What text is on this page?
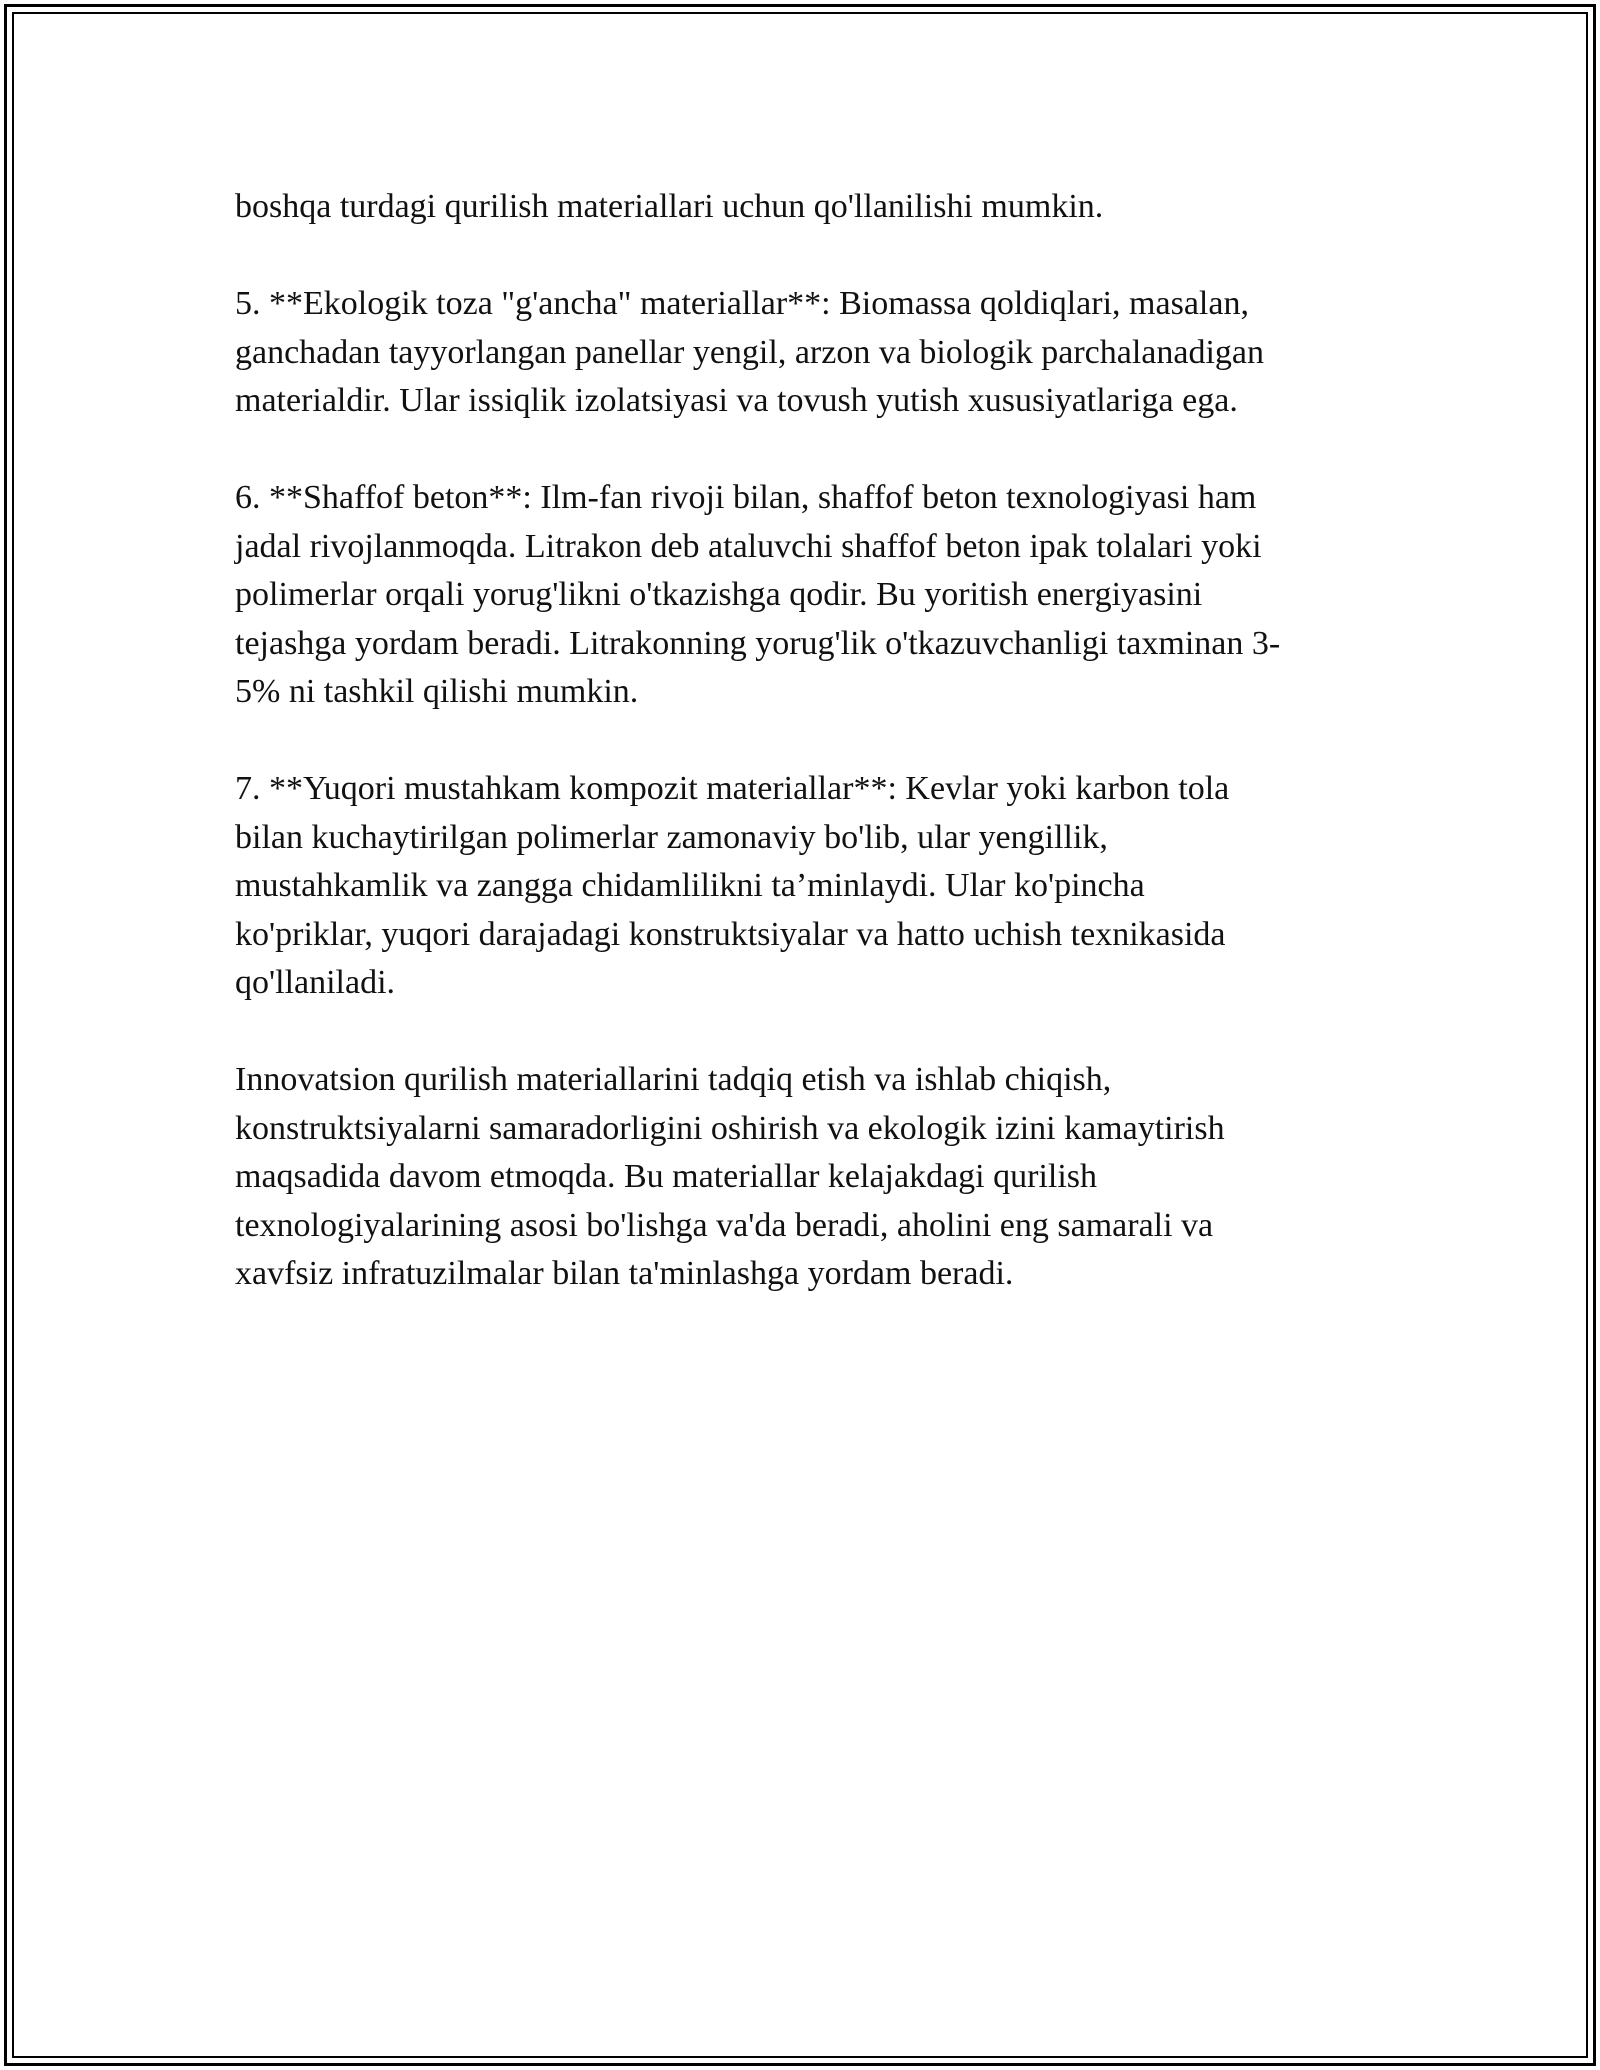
boshqa turdagi qurilish materiallari uchun qo'llanilishi mumkin.

5. **Ekologik toza "g'ancha" materiallar**: Biomassa qoldiqlari, masalan,
ganchadan tayyorlangan panellar yengil, arzon va biologik parchalanadigan
materialdir. Ular issiqlik izolatsiyasi va tovush yutish xususiyatlariga ega.

6. **Shaffof beton**: Ilm-fan rivoji bilan, shaffof beton texnologiyasi ham
jadal rivojlanmoqda. Litrakon deb ataluvchi shaffof beton ipak tolalari yoki
polimerlar orqali yorug'likni o'tkazishga qodir. Bu yoritish energiyasini
tejashga yordam beradi. Litrakonning yorug'lik o'tkazuvchanligi taxminan 3-
5% ni tashkil qilishi mumkin.

7. **Yuqori mustahkam kompozit materiallar**: Kevlar yoki karbon tola
bilan kuchaytirilgan polimerlar zamonaviy bo'lib, ular yengillik,
mustahkamlik va zangga chidamlilikni ta’minlaydi. Ular ko'pincha
ko'priklar, yuqori darajadagi konstruktsiyalar va hatto uchish texnikasida
qo'llaniladi.

Innovatsion qurilish materiallarini tadqiq etish va ishlab chiqish,
konstruktsiyalarni samaradorligini oshirish va ekologik izini kamaytirish
maqsadida davom etmoqda. Bu materiallar kelajakdagi qurilish
texnologiyalarining asosi bo'lishga va'da beradi, aholini eng samarali va
xavfsiz infratuzilmalar bilan ta'minlashga yordam beradi.
